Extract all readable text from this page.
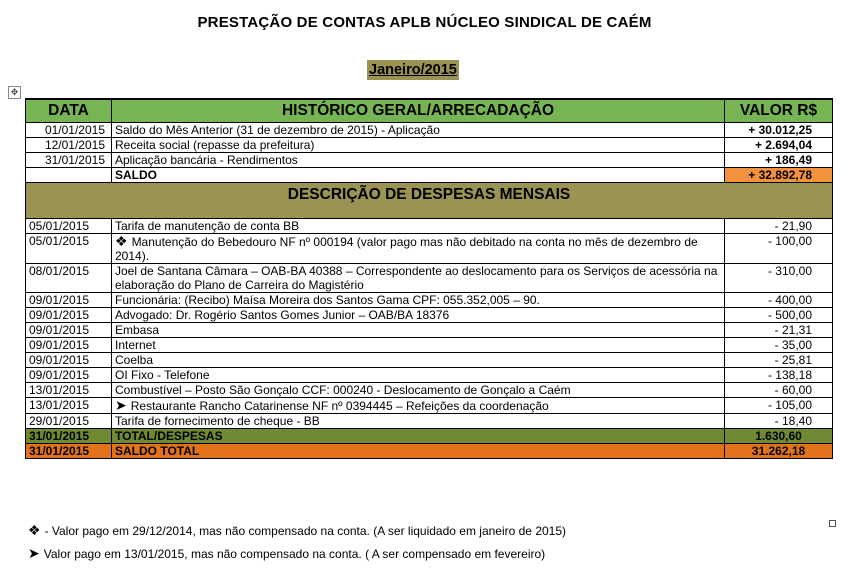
PRESTAÇÃO DE CONTAS APLB NÚCLEO SINDICAL DE CAÉM
Janeiro/2015
✥
DATA	HISTÓRICO GERAL/ARRECADAÇÃO	VALOR R$
01/01/2015	Saldo do Mês Anterior (31 de dezembro de 2015) - Aplicação	+ 30.012,25
12/01/2015	Receita social (repasse da prefeitura)	+ 2.694,04
31/01/2015	Aplicação bancária - Rendimentos	+ 186,49
	SALDO	+ 32.892,78
DESCRIÇÃO DE DESPESAS MENSAIS		
05/01/2015	Tarifa de manutenção de conta BB	- 21,90
05/01/2015	❖ Manutenção do Bebedouro NF nº 000194 (valor pago mas não debitado na conta no mês de dezembro de 2014).	- 100,00
08/01/2015	Joel de Santana Câmara – OAB-BA 40388 – Correspondente ao deslocamento para os Serviços de acessória na elaboração do Plano de Carreira do Magistério	- 310,00
09/01/2015	Funcionária: (Recibo) Maísa Moreira dos Santos Gama CPF: 055.352,005 – 90.	- 400,00
09/01/2015	Advogado: Dr. Rogério Santos Gomes Junior – OAB/BA 18376	- 500,00
09/01/2015	Embasa	- 21,31
09/01/2015	Internet	- 35,00
09/01/2015	Coelba	- 25,81
09/01/2015	OI Fixo - Telefone	- 138,18
13/01/2015	Combustível – Posto São Gonçalo CCF: 000240 - Deslocamento de Gonçalo a Caém	- 60,00
13/01/2015	➤ Restaurante Rancho Catarinense NF nº 0394445 – Refeições da coordenação	- 105,00
29/01/2015	Tarifa de fornecimento de cheque - BB	- 18,40
31/01/2015	TOTAL/DESPESAS	1.630,60
31/01/2015	SALDO TOTAL	31.262,18
❖ - Valor pago em 29/12/2014, mas não compensado na conta. (A ser liquidado em janeiro de 2015)
➤ Valor pago em 13/01/2015, mas não compensado na conta. ( A ser compensado em fevereiro)
